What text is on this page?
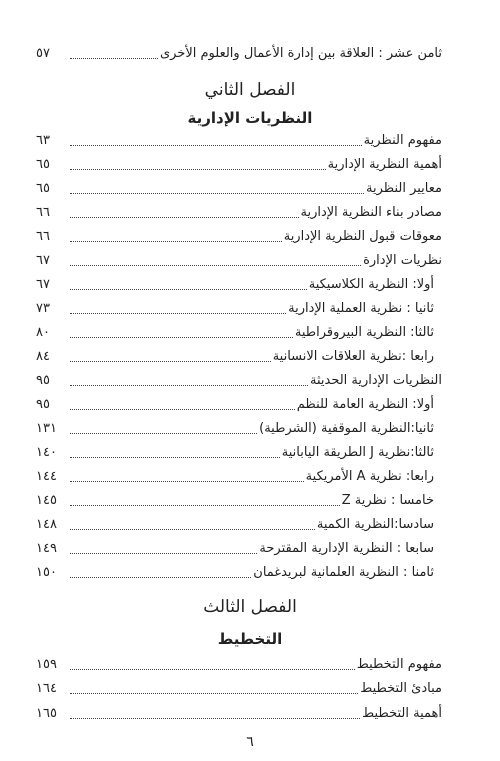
ثامن عشر : العلاقة بين إدارة الأعمال والعلوم الأخرى
٥٧
الفصل الثاني
النظريات الإدارية
مفهوم النظرية
٦٣
أهمية النظرية الإدارية
٦٥
معايير النظرية
٦٥
مصادر بناء النظرية الإدارية
٦٦
معوقات قبول النظرية الإدارية
٦٦
نظريات الإدارة
٦٧
أولا: النظرية الكلاسيكية
٦٧
ثانيا : نظرية العملية الإدارية
٧٣
ثالثا: النظرية البيروقراطية
٨٠
رابعا :نظرية العلاقات الانسانية
٨٤
النظريات الإدارية الحديثة
٩٥
أولا: النظرية العامة للنظم
٩٥
ثانيا:النظرية الموقفية (الشرطية)
١٣١
ثالثا:نظرية J الطريقة اليابانية
١٤٠
رابعا: نظرية A الأمريكية
١٤٤
خامسا : نظرية Z
١٤٥
سادسا:النظرية الكمية
١٤٨
سابعا : النظرية الإدارية المقترحة
١٤٩
ثامنا : النظرية العلمانية لبريدغمان
١٥٠
الفصل الثالث
التخطيط
مفهوم التخطيط
١٥٩
مبادئ التخطيط
١٦٤
أهمية التخطيط
١٦٥
٦
